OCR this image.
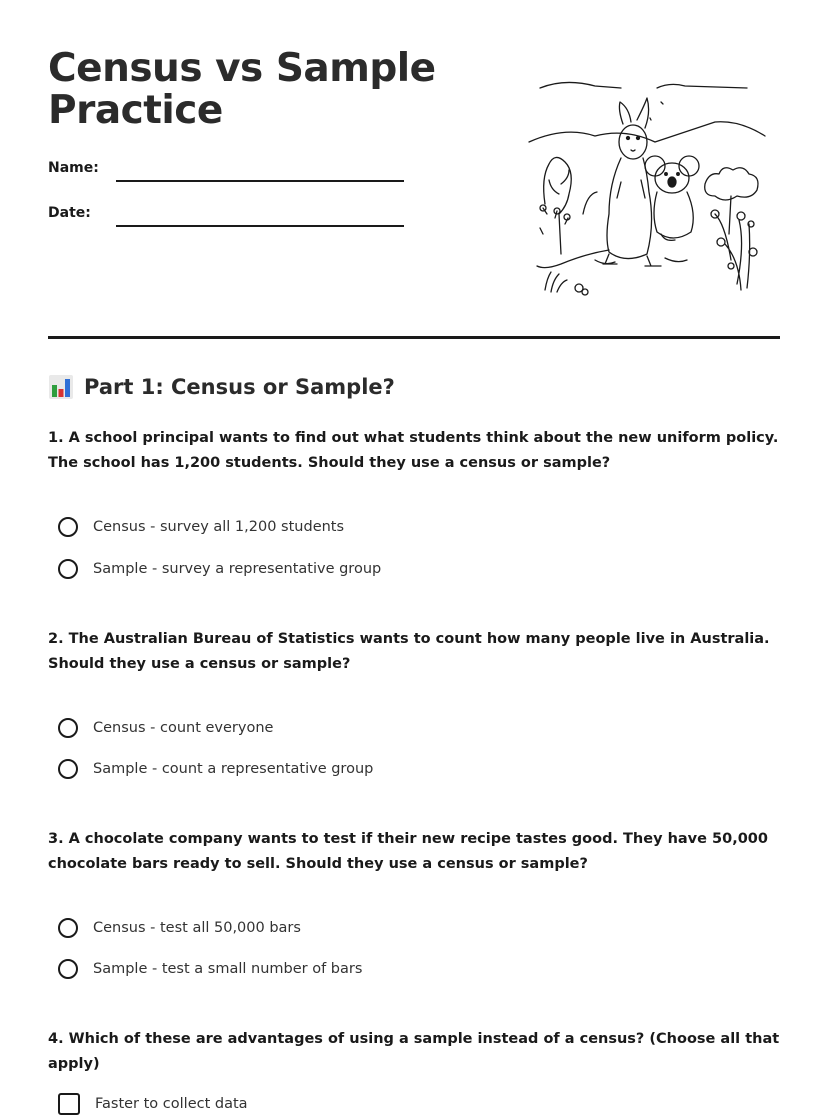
Census vs Sample
Practice
Name:
Date:
Part 1: Census or Sample?

1. A school principal wants to find out what students think about the new uniform policy. The school has 1,200 students. Should they use a census or sample?

Census - survey all 1,200 students
Sample - survey a representative group

2. The Australian Bureau of Statistics wants to count how many people live in Australia. Should they use a census or sample?

Census - count everyone
Sample - count a representative group

3. A chocolate company wants to test if their new recipe tastes good. They have 50,000 chocolate bars ready to sell. Should they use a census or sample?

Census - test all 50,000 bars
Sample - test a small number of bars

4. Which of these are advantages of using a sample instead of a census? (Choose all that apply)

Faster to collect data
